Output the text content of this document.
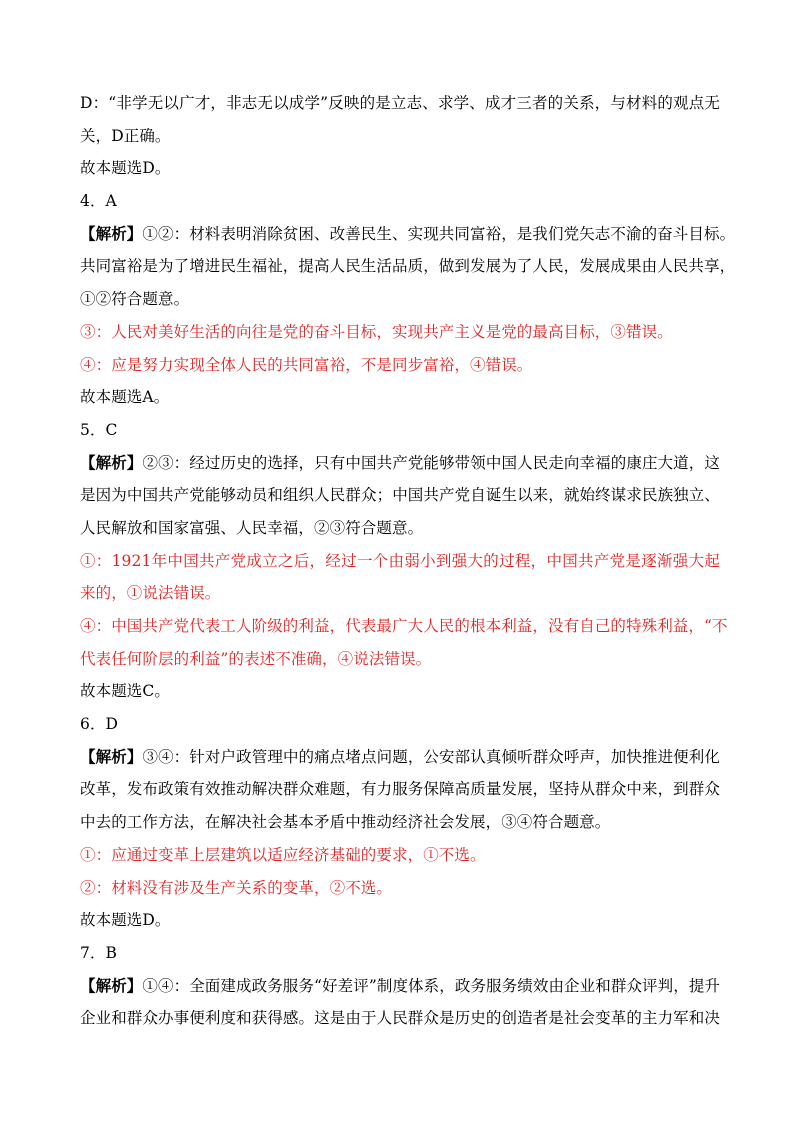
D：“非学无以广才，非志无以成学”反映的是立志、求学、成才三者的关系，与材料的观点无
关，D正确。
故本题选D。
4．A
【解析】①②：材料表明消除贫困、改善民生、实现共同富裕，是我们党矢志不渝的奋斗目标。
共同富裕是为了增进民生福祉，提高人民生活品质，做到发展为了人民，发展成果由人民共享，
①②符合题意。
③：人民对美好生活的向往是党的奋斗目标，实现共产主义是党的最高目标，③错误。
④：应是努力实现全体人民的共同富裕，不是同步富裕，④错误。
故本题选A。
5．C
【解析】②③：经过历史的选择，只有中国共产党能够带领中国人民走向幸福的康庄大道，这
是因为中国共产党能够动员和组织人民群众；中国共产党自诞生以来，就始终谋求民族独立、
人民解放和国家富强、人民幸福，②③符合题意。
①：1921年中国共产党成立之后，经过一个由弱小到强大的过程，中国共产党是逐渐强大起
来的，①说法错误。
④：中国共产党代表工人阶级的利益，代表最广大人民的根本利益，没有自己的特殊利益，“不
代表任何阶层的利益”的表述不准确，④说法错误。
故本题选C。
6．D
【解析】③④：针对户政管理中的痛点堵点问题，公安部认真倾听群众呼声，加快推进便利化
改革，发布政策有效推动解决群众难题，有力服务保障高质量发展，坚持从群众中来，到群众
中去的工作方法，在解决社会基本矛盾中推动经济社会发展，③④符合题意。
①：应通过变革上层建筑以适应经济基础的要求，①不选。
②：材料没有涉及生产关系的变革，②不选。
故本题选D。
7．B
【解析】①④：全面建成政务服务“好差评”制度体系，政务服务绩效由企业和群众评判，提升
企业和群众办事便利度和获得感。这是由于人民群众是历史的创造者是社会变革的主力军和决
